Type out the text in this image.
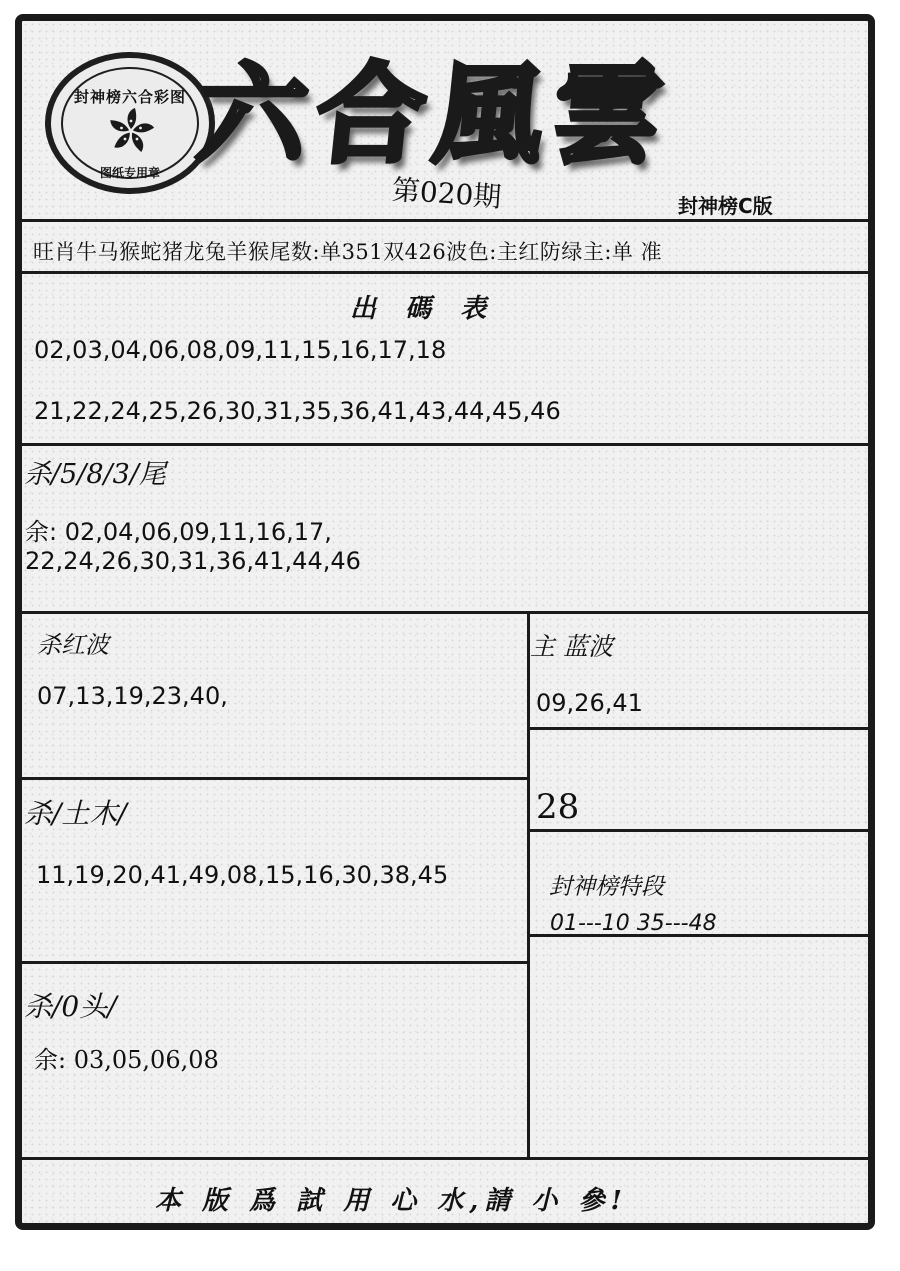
封神榜六合彩图
图纸专用章 六合風雲
第020期	封神榜C版
旺肖牛马猴蛇猪龙兔羊猴尾数:单351双426波色:主红防绿主:单 准
出 碼 表
02,03,04,06,08,09,11,15,16,17,18
21,22,24,25,26,30,31,35,36,41,43,44,45,46
杀/5/8/3/尾
余: 02,04,06,09,11,16,17,
22,24,26,30,31,36,41,44,46
杀红波
07,13,19,23,40,
主 蓝波
09,26,41
28
杀/土木/
11,19,20,41,49,08,15,16,30,38,45	封神榜特段
01---10 35---48
杀/0头/
余: 03,05,06,08
本 版 爲 試 用 心 水,請 小 參!
